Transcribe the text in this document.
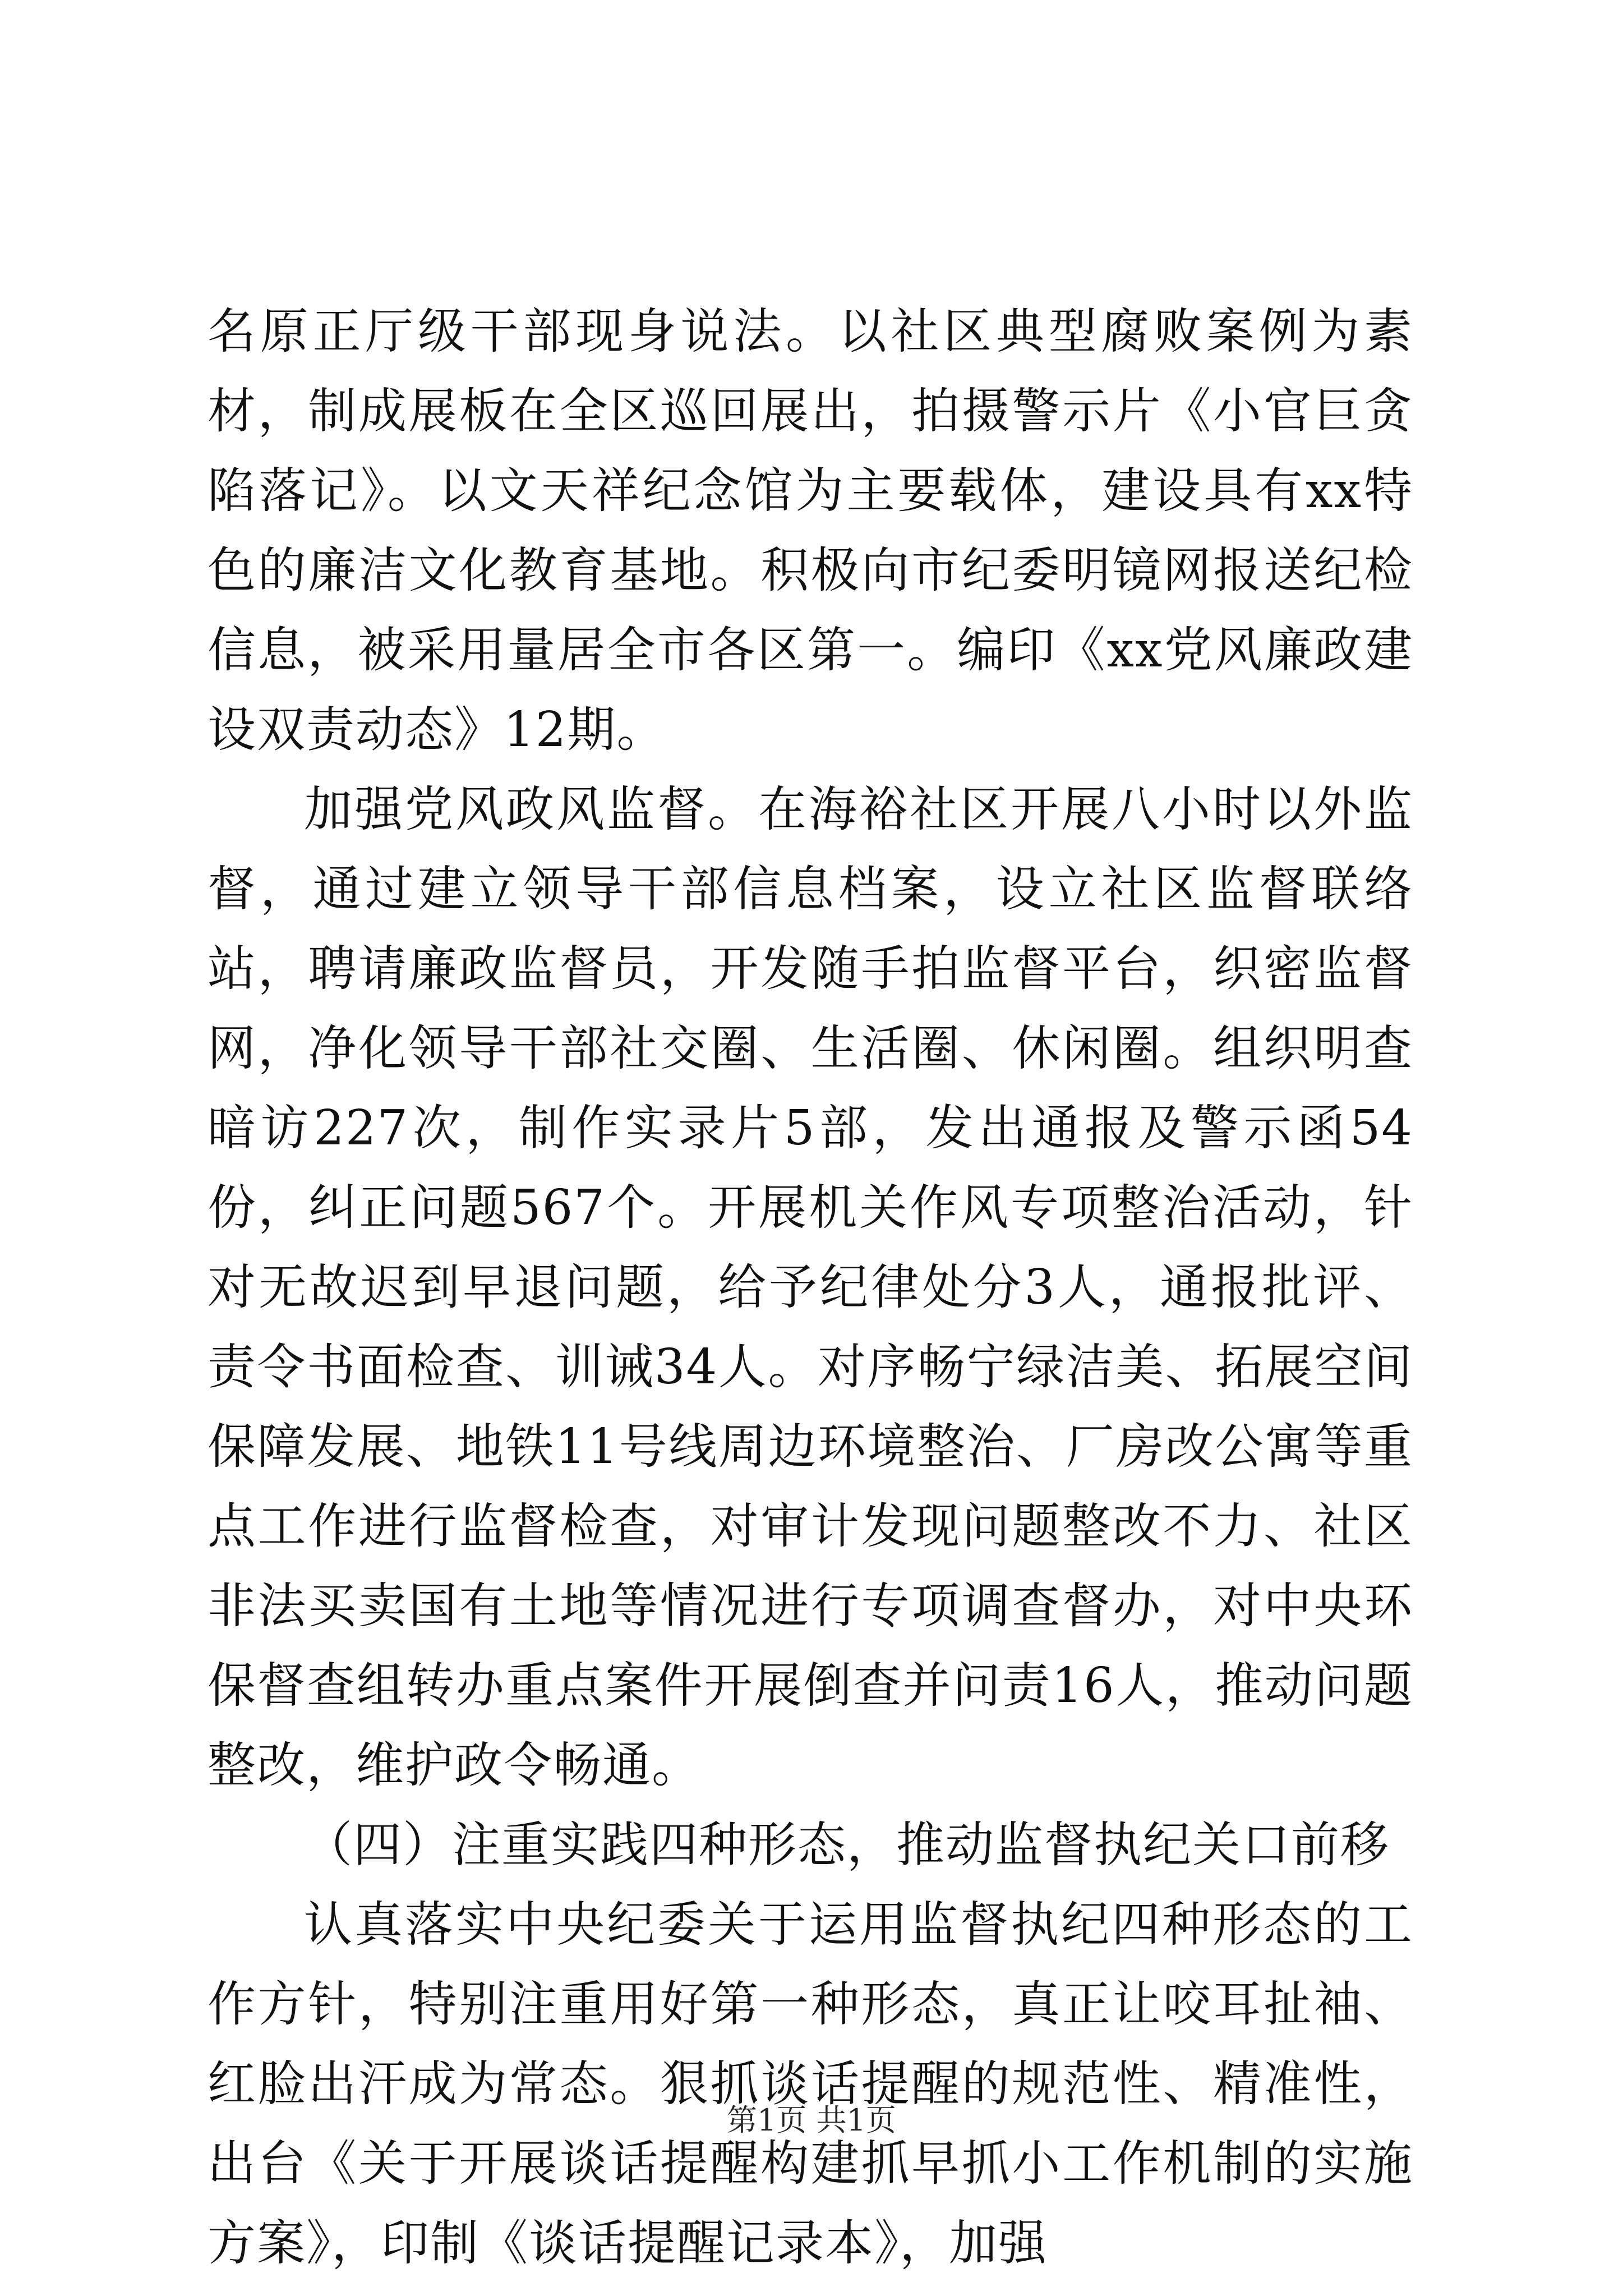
名原正厅级干部现身说法。以社区典型腐败案例为素材，制成展板在全区巡回展出，拍摄警示片《小官巨贪陷落记》。以文天祥纪念馆为主要载体，建设具有xx特色的廉洁文化教育基地。积极向市纪委明镜网报送纪检信息，被采用量居全市各区第一。编印《xx党风廉政建设双责动态》12期。

加强党风政风监督。在海裕社区开展八小时以外监督，通过建立领导干部信息档案，设立社区监督联络站，聘请廉政监督员，开发随手拍监督平台，织密监督网，净化领导干部社交圈、生活圈、休闲圈。组织明查暗访227次，制作实录片5部，发出通报及警示函54份，纠正问题567个。开展机关作风专项整治活动，针对无故迟到早退问题，给予纪律处分3人，通报批评、责令书面检查、训诫34人。对序畅宁绿洁美、拓展空间保障发展、地铁11号线周边环境整治、厂房改公寓等重点工作进行监督检查，对审计发现问题整改不力、社区非法买卖国有土地等情况进行专项调查督办，对中央环保督查组转办重点案件开展倒查并问责16人，推动问题整改，维护政令畅通。

（四）注重实践四种形态，推动监督执纪关口前移

认真落实中央纪委关于运用监督执纪四种形态的工作方针，特别注重用好第一种形态，真正让咬耳扯袖、红脸出汗成为常态。狠抓谈话提醒的规范性、精准性，出台《关于开展谈话提醒构建抓早抓小工作机制的实施方案》，印制《谈话提醒记录本》，加强

第1页 共1页
